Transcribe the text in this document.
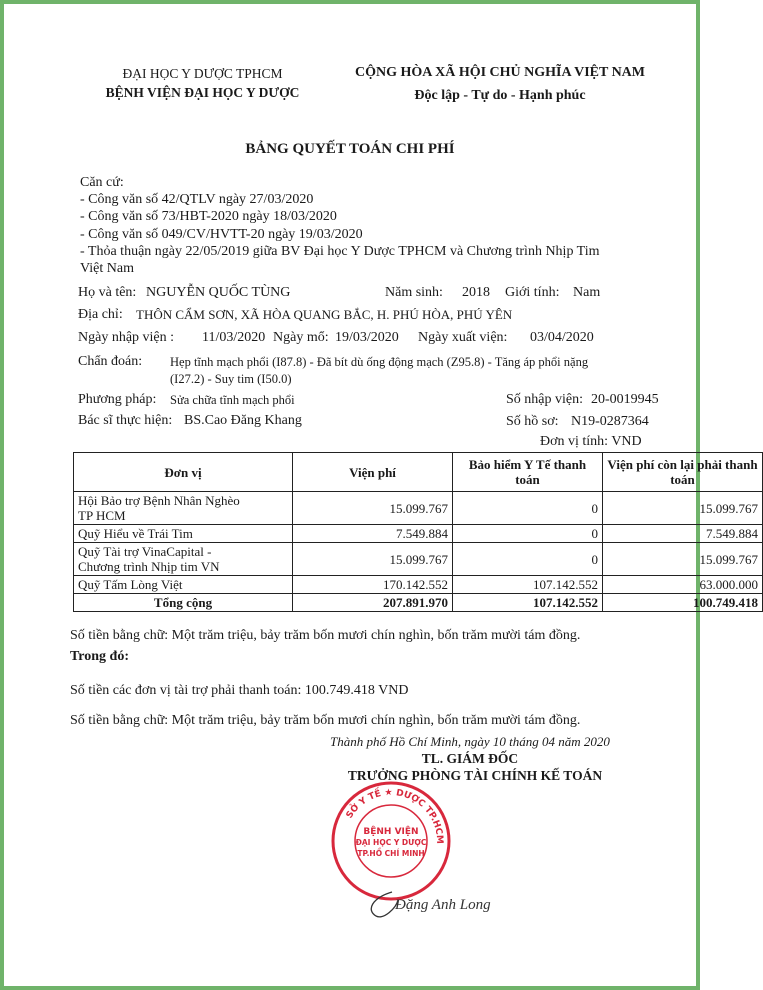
ĐẠI HỌC Y DƯỢC TPHCM
BỆNH VIỆN ĐẠI HỌC Y DƯỢC
CỘNG HÒA XÃ HỘI CHỦ NGHĨA VIỆT NAM
Độc lập - Tự do - Hạnh phúc
BẢNG QUYẾT TOÁN CHI PHÍ
Căn cứ:
- Công văn số 42/QTLV ngày 27/03/2020
- Công văn số 73/HBT-2020 ngày 18/03/2020
- Công văn số 049/CV/HVTT-20 ngày 19/03/2020
- Thỏa thuận ngày 22/05/2019 giữa BV Đại học Y Dược TPHCM và Chương trình Nhịp Tim
Việt Nam
Họ và tên: NGUYỄN QUỐC TÙNG	Năm sinh: 2018 Giới tính: Nam
Địa chỉ: THÔN CẨM SƠN, XÃ HÒA QUANG BẮC, H. PHÚ HÒA, PHÚ YÊN
Ngày nhập viện : 11/03/2020 Ngày mổ: 19/03/2020 Ngày xuất viện: 03/04/2020
Chẩn đoán: Hẹp tĩnh mạch phổi (I87.8) - Đã bít dù ống động mạch (Z95.8) - Tăng áp phổi nặng
(I27.2) - Suy tim (I50.0)
Phương pháp: Sửa chữa tĩnh mạch phổi	Số nhập viện: 20-0019945
Bác sĩ thực hiện: BS.Cao Đăng Khang	Số hồ sơ: N19-0287364
Đơn vị tính: VND
Đơn vị	Viện phí	Bảo hiểm Y Tế thanh toán	Viện phí còn lại phải thanh toán

Hội Bảo trợ Bệnh Nhân Nghèo
TP HCM	15.099.767	0	15.099.767

Quỹ Hiểu về Trái Tim	7.549.884	0	7.549.884

Quỹ Tài trợ VinaCapital -
Chương trình Nhịp tim VN	15.099.767	0	15.099.767

Quỹ Tấm Lòng Việt	170.142.552	107.142.552	63.000.000
Tổng cộng	207.891.970	107.142.552	100.749.418
Số tiền bằng chữ: Một trăm triệu, bảy trăm bốn mươi chín nghìn, bốn trăm mười tám đồng.
Trong đó:
Số tiền các đơn vị tài trợ phải thanh toán: 100.749.418 VND
Số tiền bằng chữ: Một trăm triệu, bảy trăm bốn mươi chín nghìn, bốn trăm mười tám đồng.
Thành phố Hồ Chí Minh, ngày 10 tháng 04 năm 2020
TL. GIÁM ĐỐC
TRƯỞNG PHÒNG TÀI CHÍNH KẾ TOÁN
SỞ Y TẾ ★ DƯỢC TP.HCM
BỆNH VIỆN
ĐẠI HỌC Y DƯỢC
TP.HỒ CHÍ MINH
Đặng Anh Long
